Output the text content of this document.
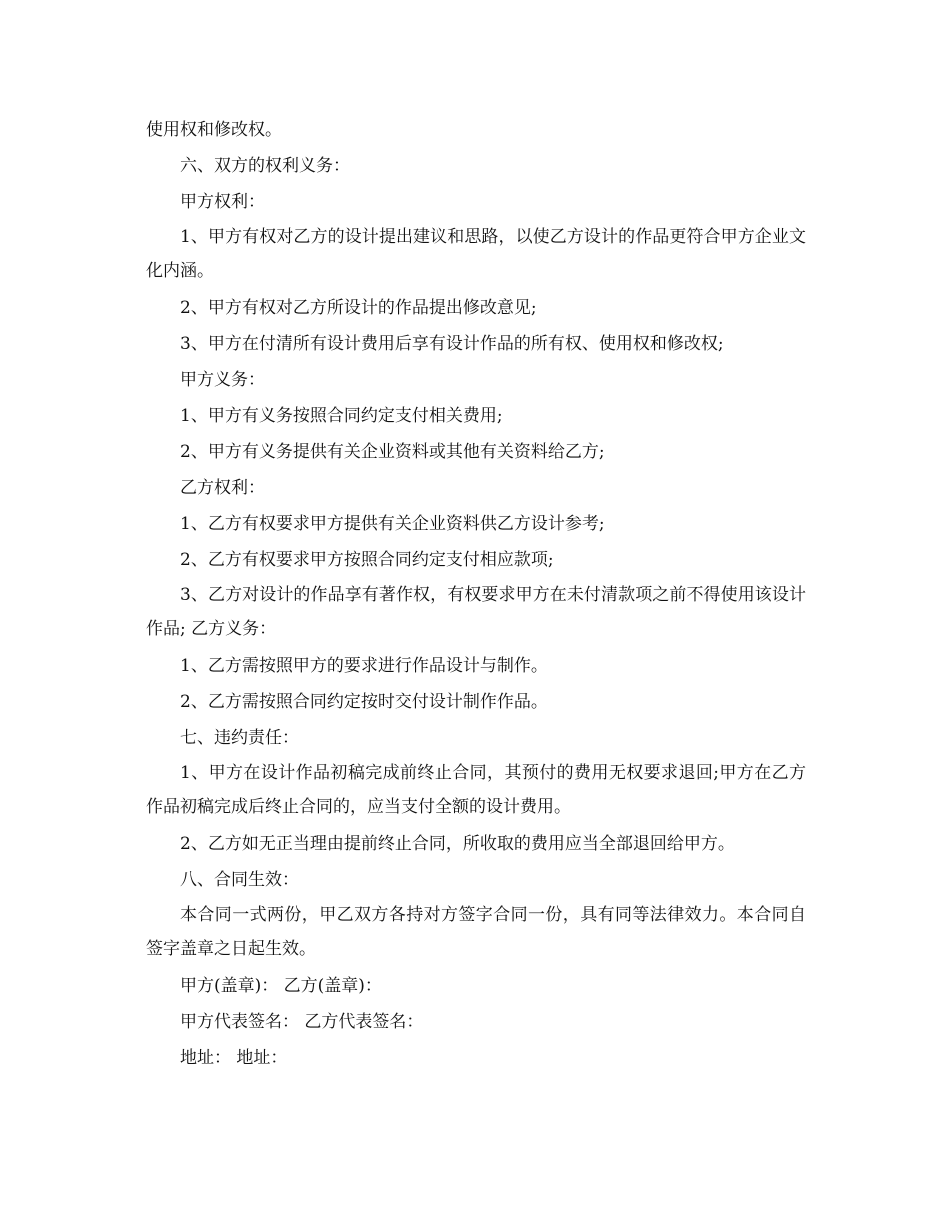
使用权和修改权。

六、双方的权利义务：

甲方权利：

1、甲方有权对乙方的设计提出建议和思路，以使乙方设计的作品更符合甲方企业文化内涵。

2、甲方有权对乙方所设计的作品提出修改意见;

3、甲方在付清所有设计费用后享有设计作品的所有权、使用权和修改权;

甲方义务：

1、甲方有义务按照合同约定支付相关费用;

2、甲方有义务提供有关企业资料或其他有关资料给乙方;

乙方权利：

1、乙方有权要求甲方提供有关企业资料供乙方设计参考;

2、乙方有权要求甲方按照合同约定支付相应款项;

3、乙方对设计的作品享有著作权，有权要求甲方在未付清款项之前不得使用该设计作品; 乙方义务：

1、乙方需按照甲方的要求进行作品设计与制作。

2、乙方需按照合同约定按时交付设计制作作品。

七、违约责任：

1、甲方在设计作品初稿完成前终止合同，其预付的费用无权要求退回;甲方在乙方作品初稿完成后终止合同的，应当支付全额的设计费用。

2、乙方如无正当理由提前终止合同，所收取的费用应当全部退回给甲方。

八、合同生效：

本合同一式两份，甲乙双方各持对方签字合同一份，具有同等法律效力。本合同自签字盖章之日起生效。

甲方(盖章)： 乙方(盖章)：

甲方代表签名： 乙方代表签名：

地址： 地址：
